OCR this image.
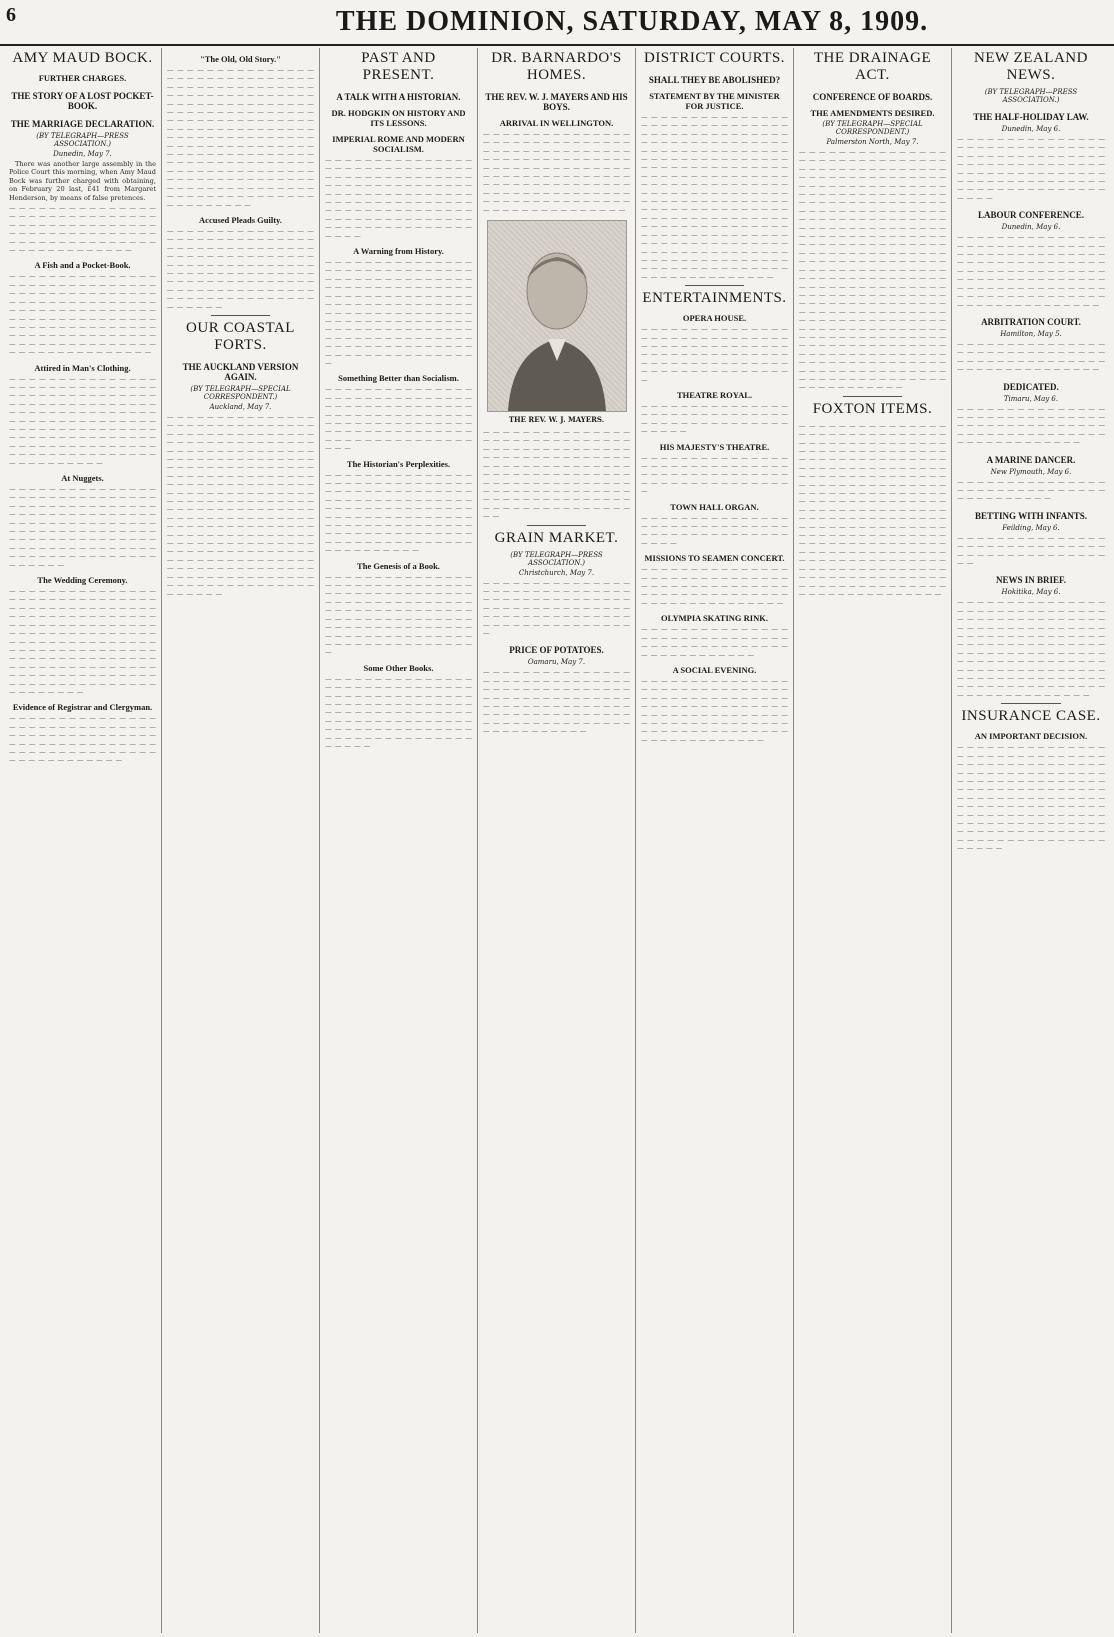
6	THE DOMINION, SATURDAY, MAY 8, 1909.
AMY MAUD BOCK.
FURTHER CHARGES.
THE STORY OF A LOST POCKET-BOOK.
THE MARRIAGE DECLARATION.
(BY TELEGRAPH—PRESS ASSOCIATION.)
Dunedin, May 7.

There was another large assembly in the Police Court this morning, when Amy Maud Bock was further charged with obtaining, on February 20 last, £41 from Margaret Henderson, by means of false pretences.

— — — — — — — — — — — — — — — — — — — — — — — — — — — — — — — — — — — — — — — — — — — — — — — — — — — — — — — — — — — — — — — — — — — — — — — — — — — — — — — — — — — — — — — —
A Fish and a Pocket-Book.
— — — — — — — — — — — — — — — — — — — — — — — — — — — — — — — — — — — — — — — — — — — — — — — — — — — — — — — — — — — — — — — — — — — — — — — — — — — — — — — — — — — — — — — — — — — — — — — — — — — — — — — — — — — — — — — — — — — — — — — — — — — — — — — — — — — — — — — — — — — — — — — — — — — — — —
Attired in Man's Clothing.
— — — — — — — — — — — — — — — — — — — — — — — — — — — — — — — — — — — — — — — — — — — — — — — — — — — — — — — — — — — — — — — — — — — — — — — — — — — — — — — — — — — — — — — — — — — — — — — — — — — — — — — — — — — — — — — — — — — — — — — — — — — — — — — — — — — — — — — — — — — — — — — — — — — — — — — — — — — — — — — —
At Nuggets.
— — — — — — — — — — — — — — — — — — — — — — — — — — — — — — — — — — — — — — — — — — — — — — — — — — — — — — — — — — — — — — — — — — — — — — — — — — — — — — — — — — — — — — — — — — — — — — — — — — — — — — — — — — — — — — — — — — — — — — — — — — — — — — — — — — — — — — — — — — — — —
The Wedding Ceremony.
— — — — — — — — — — — — — — — — — — — — — — — — — — — — — — — — — — — — — — — — — — — — — — — — — — — — — — — — — — — — — — — — — — — — — — — — — — — — — — — — — — — — — — — — — — — — — — — — — — — — — — — — — — — — — — — — — — — — — — — — — — — — — — — — — — — — — — — — — — — — — — — — — — — — — — — — — — — — — — — — — — — — — — — — — — — — — — — — — — — — — — — — — — — —
Evidence of Registrar and Clergyman.
— — — — — — — — — — — — — — — — — — — — — — — — — — — — — — — — — — — — — — — — — — — — — — — — — — — — — — — — — — — — — — — — — — — — — — — — — — — — — — — — — — — — — — —
"The Old, Old Story."
— — — — — — — — — — — — — — — — — — — — — — — — — — — — — — — — — — — — — — — — — — — — — — — — — — — — — — — — — — — — — — — — — — — — — — — — — — — — — — — — — — — — — — — — — — — — — — — — — — — — — — — — — — — — — — — — — — — — — — — — — — — — — — — — — — — — — — — — — — — — — — — — — — — — — — — — — — — — — — — — — — — — — — — — — — — — — — — — — — — — — — — — — — — — — — — — — — — — — — — — — — — — — — — — — — — — — — — — — — — — — — — — — — — — — — — — — — — — — — — — — — — — — — — — —
Accused Pleads Guilty.
— — — — — — — — — — — — — — — — — — — — — — — — — — — — — — — — — — — — — — — — — — — — — — — — — — — — — — — — — — — — — — — — — — — — — — — — — — — — — — — — — — — — — — — — — — — — — — — — — — — — — — — — — — — — — — — — — — — — — — — — — — — — — — — — — — — — — — — — — — — — —
OUR COASTAL FORTS.
THE AUCKLAND VERSION AGAIN.
(BY TELEGRAPH—SPECIAL CORRESPONDENT.)
Auckland, May 7.
— — — — — — — — — — — — — — — — — — — — — — — — — — — — — — — — — — — — — — — — — — — — — — — — — — — — — — — — — — — — — — — — — — — — — — — — — — — — — — — — — — — — — — — — — — — — — — — — — — — — — — — — — — — — — — — — — — — — — — — — — — — — — — — — — — — — — — — — — — — — — — — — — — — — — — — — — — — — — — — — — — — — — — — — — — — — — — — — — — — — — — — — — — — — — — — — — — — — — — — — — — — — — — — — — — — — — — — — — — — — — — — — — — — — — — — — — — — — — — — — — — — — — — — — — — — — — — — — — — — — — — — — — — — — — — — — — — — — — — — — — — — — — — — — — — — — — — — — — — — — — — — — — — — — — — — — — — — — — — — — —
PAST AND PRESENT.
A TALK WITH A HISTORIAN.
DR. HODGKIN ON HISTORY AND ITS LESSONS.
IMPERIAL ROME AND MODERN SOCIALISM.
— — — — — — — — — — — — — — — — — — — — — — — — — — — — — — — — — — — — — — — — — — — — — — — — — — — — — — — — — — — — — — — — — — — — — — — — — — — — — — — — — — — — — — — — — — — — — — — — — — — — — — — — — — — — — — — — — — — — — — — — — — — — — — — — — — — — — — — — — — —
A Warning from History.
— — — — — — — — — — — — — — — — — — — — — — — — — — — — — — — — — — — — — — — — — — — — — — — — — — — — — — — — — — — — — — — — — — — — — — — — — — — — — — — — — — — — — — — — — — — — — — — — — — — — — — — — — — — — — — — — — — — — — — — — — — — — — — — — — — — — — — — — — — — — — — — — — — — — — — — — — — — — — — — — — — — — — — — — — — — — — — — — — — — — —
Something Better than Socialism.
— — — — — — — — — — — — — — — — — — — — — — — — — — — — — — — — — — — — — — — — — — — — — — — — — — — — — — — — — — — — — — — — — — — — — — — — — — — — — — — — — — — — — — — — — — — — — — — — — — — — — — — — — — — —
The Historian's Perplexities.
— — — — — — — — — — — — — — — — — — — — — — — — — — — — — — — — — — — — — — — — — — — — — — — — — — — — — — — — — — — — — — — — — — — — — — — — — — — — — — — — — — — — — — — — — — — — — — — — — — — — — — — — — — — — — — — — — — — — — — — — — — — — — — — — — — — — — — — — — — — — — — — — —
The Genesis of a Book.
— — — — — — — — — — — — — — — — — — — — — — — — — — — — — — — — — — — — — — — — — — — — — — — — — — — — — — — — — — — — — — — — — — — — — — — — — — — — — — — — — — — — — — — — — — — — — — — — — — — — — — — — — — — — — — — — — — — — — — — — — — — — — — — — — — — — — — — —
Some Other Books.
— — — — — — — — — — — — — — — — — — — — — — — — — — — — — — — — — — — — — — — — — — — — — — — — — — — — — — — — — — — — — — — — — — — — — — — — — — — — — — — — — — — — — — — — — — — — — — — — — — — — — — — — — — — — — — — — — — — — — — — — — — — — —
DR. BARNARDO'S HOMES.
THE REV. W. J. MAYERS AND HIS BOYS.
ARRIVAL IN WELLINGTON.
— — — — — — — — — — — — — — — — — — — — — — — — — — — — — — — — — — — — — — — — — — — — — — — — — — — — — — — — — — — — — — — — — — — — — — — — — — — — — — — — — — — — — — — — — — — — — — — — — — — — — — — — — — — — — — — — — — — — — — — — — — — — — — — — — — — — — — — — — — — — — — — — — — — — — —
THE REV. W. J. MAYERS.
— — — — — — — — — — — — — — — — — — — — — — — — — — — — — — — — — — — — — — — — — — — — — — — — — — — — — — — — — — — — — — — — — — — — — — — — — — — — — — — — — — — — — — — — — — — — — — — — — — — — — — — — — — — — — — — — — — — — — — — — — — — — — — — — — — — — — — — — — — — — — — — — — — — — — — — —
GRAIN MARKET.
(BY TELEGRAPH—PRESS ASSOCIATION.)
Christchurch, May 7.
— — — — — — — — — — — — — — — — — — — — — — — — — — — — — — — — — — — — — — — — — — — — — — — — — — — — — — — — — — — — — — — — — — — — — — — — — — — — — — — — — — — — — — — — — — —
PRICE OF POTATOES.
Oamaru, May 7.
— — — — — — — — — — — — — — — — — — — — — — — — — — — — — — — — — — — — — — — — — — — — — — — — — — — — — — — — — — — — — — — — — — — — — — — — — — — — — — — — — — — — — — — — — — — — — — — — — — — — — — — — — — — — — — — — — — — —
DISTRICT COURTS.
SHALL THEY BE ABOLISHED?
STATEMENT BY THE MINISTER FOR JUSTICE.
— — — — — — — — — — — — — — — — — — — — — — — — — — — — — — — — — — — — — — — — — — — — — — — — — — — — — — — — — — — — — — — — — — — — — — — — — — — — — — — — — — — — — — — — — — — — — — — — — — — — — — — — — — — — — — — — — — — — — — — — — — — — — — — — — — — — — — — — — — — — — — — — — — — — — — — — — — — — — — — — — — — — — — — — — — — — — — — — — — — — — — — — — — — — — — — — — — — — — — — — — — — — — — — — — — — — — — — — — — — — — — — — — — — — — — — — — — — — — — — — — — — — — — — — — — — — — — — — — — — — — — — — — — — — — — — — — — — — — — — — — — — — — — — — — — — — — — — — — — —
ENTERTAINMENTS.
OPERA HOUSE.
— — — — — — — — — — — — — — — — — — — — — — — — — — — — — — — — — — — — — — — — — — — — — — — — — — — — — — — — — — — — — — — — — — — — — — — — — — — — — — — — — — — — — — — — — — —
THEATRE ROYAL.
— — — — — — — — — — — — — — — — — — — — — — — — — — — — — — — — — — — — — — — — — — — — — — — — — —
HIS MAJESTY'S THEATRE.
— — — — — — — — — — — — — — — — — — — — — — — — — — — — — — — — — — — — — — — — — — — — — — — — — — — — — — — — — — — — —
TOWN HALL ORGAN.
— — — — — — — — — — — — — — — — — — — — — — — — — — — — — — — — — — — — — — — — — — — — — — — — —
MISSIONS TO SEAMEN CONCERT.
— — — — — — — — — — — — — — — — — — — — — — — — — — — — — — — — — — — — — — — — — — — — — — — — — — — — — — — — — — — — — — — — — — — — — — — — — — —
OLYMPIA SKATING RINK.
— — — — — — — — — — — — — — — — — — — — — — — — — — — — — — — — — — — — — — — — — — — — — — — — — — — — — — — — —
A SOCIAL EVENING.
— — — — — — — — — — — — — — — — — — — — — — — — — — — — — — — — — — — — — — — — — — — — — — — — — — — — — — — — — — — — — — — — — — — — — — — — — — — — — — — — — — — — — — — — — — — — — — — — — — — — — — — — — — — — — — — — — — — — — —
THE DRAINAGE ACT.
CONFERENCE OF BOARDS.
THE AMENDMENTS DESIRED.
(BY TELEGRAPH—SPECIAL CORRESPONDENT.)
Palmerston North, May 7.
— — — — — — — — — — — — — — — — — — — — — — — — — — — — — — — — — — — — — — — — — — — — — — — — — — — — — — — — — — — — — — — — — — — — — — — — — — — — — — — — — — — — — — — — — — — — — — — — — — — — — — — — — — — — — — — — — — — — — — — — — — — — — — — — — — — — — — — — — — — — — — — — — — — — — — — — — — — — — — — — — — — — — — — — — — — — — — — — — — — — — — — — — — — — — — — — — — — — — — — — — — — — — — — — — — — — — — — — — — — — — — — — — — — — — — — — — — — — — — — — — — — — — — — — — — — — — — — — — — — — — — — — — — — — — — — — — — — — — — — — — — — — — — — — — — — — — — — — — — — — — — — — — — — — — — — — — — — — — — — — — — — — — — — — — — — — — — — — — — — — — — — — — — — — — — — — — — — — — — — — — — — — — — — — — — — — — — — — — — — — — — — — — — — — — — — — — — — — — — — — — — — — — — — — — — — — — — — — — — — — — — — — — — — — — — —
FOXTON ITEMS.
— — — — — — — — — — — — — — — — — — — — — — — — — — — — — — — — — — — — — — — — — — — — — — — — — — — — — — — — — — — — — — — — — — — — — — — — — — — — — — — — — — — — — — — — — — — — — — — — — — — — — — — — — — — — — — — — — — — — — — — — — — — — — — — — — — — — — — — — — — — — — — — — — — — — — — — — — — — — — — — — — — — — — — — — — — — — — — — — — — — — — — — — — — — — — — — — — — — — — — — — — — — — — — — — — — — — — — — — — — — — — — — — — — — — — — — — — — — — — — — — — — — — — — — — — — — — — — — — — — — — — — — — — — — — — — — — — — — — — — — — — — — — — — — — — — — — — — — — — — — — — — — — — — — — — — — — — — —
NEW ZEALAND NEWS.
(BY TELEGRAPH—PRESS ASSOCIATION.)
THE HALF-HOLIDAY LAW.
Dunedin, May 6.
— — — — — — — — — — — — — — — — — — — — — — — — — — — — — — — — — — — — — — — — — — — — — — — — — — — — — — — — — — — — — — — — — — — — — — — — — — — — — — — — — — — — — — — — — — — — — — — — — — — — — — — — — — — — —
LABOUR CONFERENCE.
Dunedin, May 6.
— — — — — — — — — — — — — — — — — — — — — — — — — — — — — — — — — — — — — — — — — — — — — — — — — — — — — — — — — — — — — — — — — — — — — — — — — — — — — — — — — — — — — — — — — — — — — — — — — — — — — — — — — — — — — — — — — — — — — — — — — — — — — — — — — — — — — — —
ARBITRATION COURT.
Hamilton, May 5.
— — — — — — — — — — — — — — — — — — — — — — — — — — — — — — — — — — — — — — — — — — — — — — — — — — — — — — — — — — — —
DEDICATED.
Timaru, May 6.
— — — — — — — — — — — — — — — — — — — — — — — — — — — — — — — — — — — — — — — — — — — — — — — — — — — — — — — — — — — — — — — — — — — — — — — — —
A MARINE DANCER.
New Plymouth, May 6.
— — — — — — — — — — — — — — — — — — — — — — — — — — — — — — — — — — — — — — — —
BETTING WITH INFANTS.
Feilding, May 6.
— — — — — — — — — — — — — — — — — — — — — — — — — — — — — — — — — — — — — — — — — — — — — — —
NEWS IN BRIEF.
Hokitika, May 6.
— — — — — — — — — — — — — — — — — — — — — — — — — — — — — — — — — — — — — — — — — — — — — — — — — — — — — — — — — — — — — — — — — — — — — — — — — — — — — — — — — — — — — — — — — — — — — — — — — — — — — — — — — — — — — — — — — — — — — — — — — — — — — — — — — — — — — — — — — — — — — — — — — — — — — — — — — — — — — — — — — — — — — — — — — — — — — — — — — — —
INSURANCE CASE.
AN IMPORTANT DECISION.
— — — — — — — — — — — — — — — — — — — — — — — — — — — — — — — — — — — — — — — — — — — — — — — — — — — — — — — — — — — — — — — — — — — — — — — — — — — — — — — — — — — — — — — — — — — — — — — — — — — — — — — — — — — — — — — — — — — — — — — — — — — — — — — — — — — — — — — — — — — — — — — — — — — — — — — — — — — — — — — — — — — — — — — — — — — — — — — — — — — — — — — — —
